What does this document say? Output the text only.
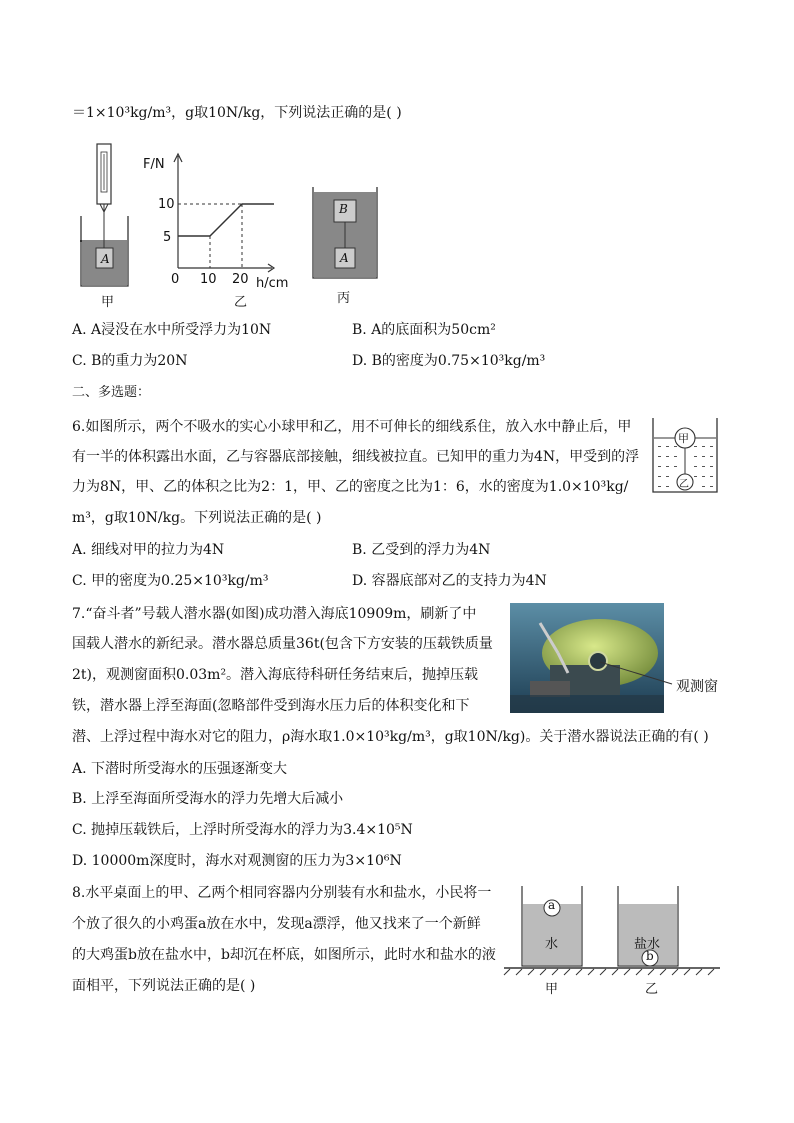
＝1×10³kg/m³，g取10N/kg，下列说法正确的是( )
A
甲
F/N
10
5
0 10 20 h/cm
乙
B
A
丙
A. A浸没在水中所受浮力为10N	B. A的底面积为50cm²
C. B的重力为20N	D. B的密度为0.75×10³kg/m³
二、多选题：
6.如图所示，两个不吸水的实心小球甲和乙，用不可伸长的细线系住，放入水中静止后，甲
有一半的体积露出水面，乙与容器底部接触，细线被拉直。已知甲的重力为4N，甲受到的浮
力为8N，甲、乙的体积之比为2：1，甲、乙的密度之比为1：6，水的密度为1.0×10³kg/
m³，g取10N/kg。下列说法正确的是( )
甲
乙
A. 细线对甲的拉力为4N	B. 乙受到的浮力为4N
C. 甲的密度为0.25×10³kg/m³	D. 容器底部对乙的支持力为4N
7.“奋斗者”号载人潜水器(如图)成功潜入海底10909m，刷新了中
国载人潜水的新纪录。潜水器总质量36t(包含下方安装的压载铁质量
2t)，观测窗面积0.03m²。潜入海底待科研任务结束后，抛掉压载
铁，潜水器上浮至海面(忽略部件受到海水压力后的体积变化和下
潜、上浮过程中海水对它的阻力，ρ海水取1.0×10³kg/m³，g取10N/kg)。关于潜水器说法正确的有( )
观测窗
A. 下潜时所受海水的压强逐渐变大
B. 上浮至海面所受海水的浮力先增大后减小
C. 抛掉压载铁后，上浮时所受海水的浮力为3.4×10⁵N
D. 10000m深度时，海水对观测窗的压力为3×10⁶N
8.水平桌面上的甲、乙两个相同容器内分别装有水和盐水，小民将一
个放了很久的小鸡蛋a放在水中，发现a漂浮，他又找来了一个新鲜
的大鸡蛋b放在盐水中，b却沉在杯底，如图所示，此时水和盐水的液
面相平，下列说法正确的是( )
a
b
水	盐水
甲	乙
